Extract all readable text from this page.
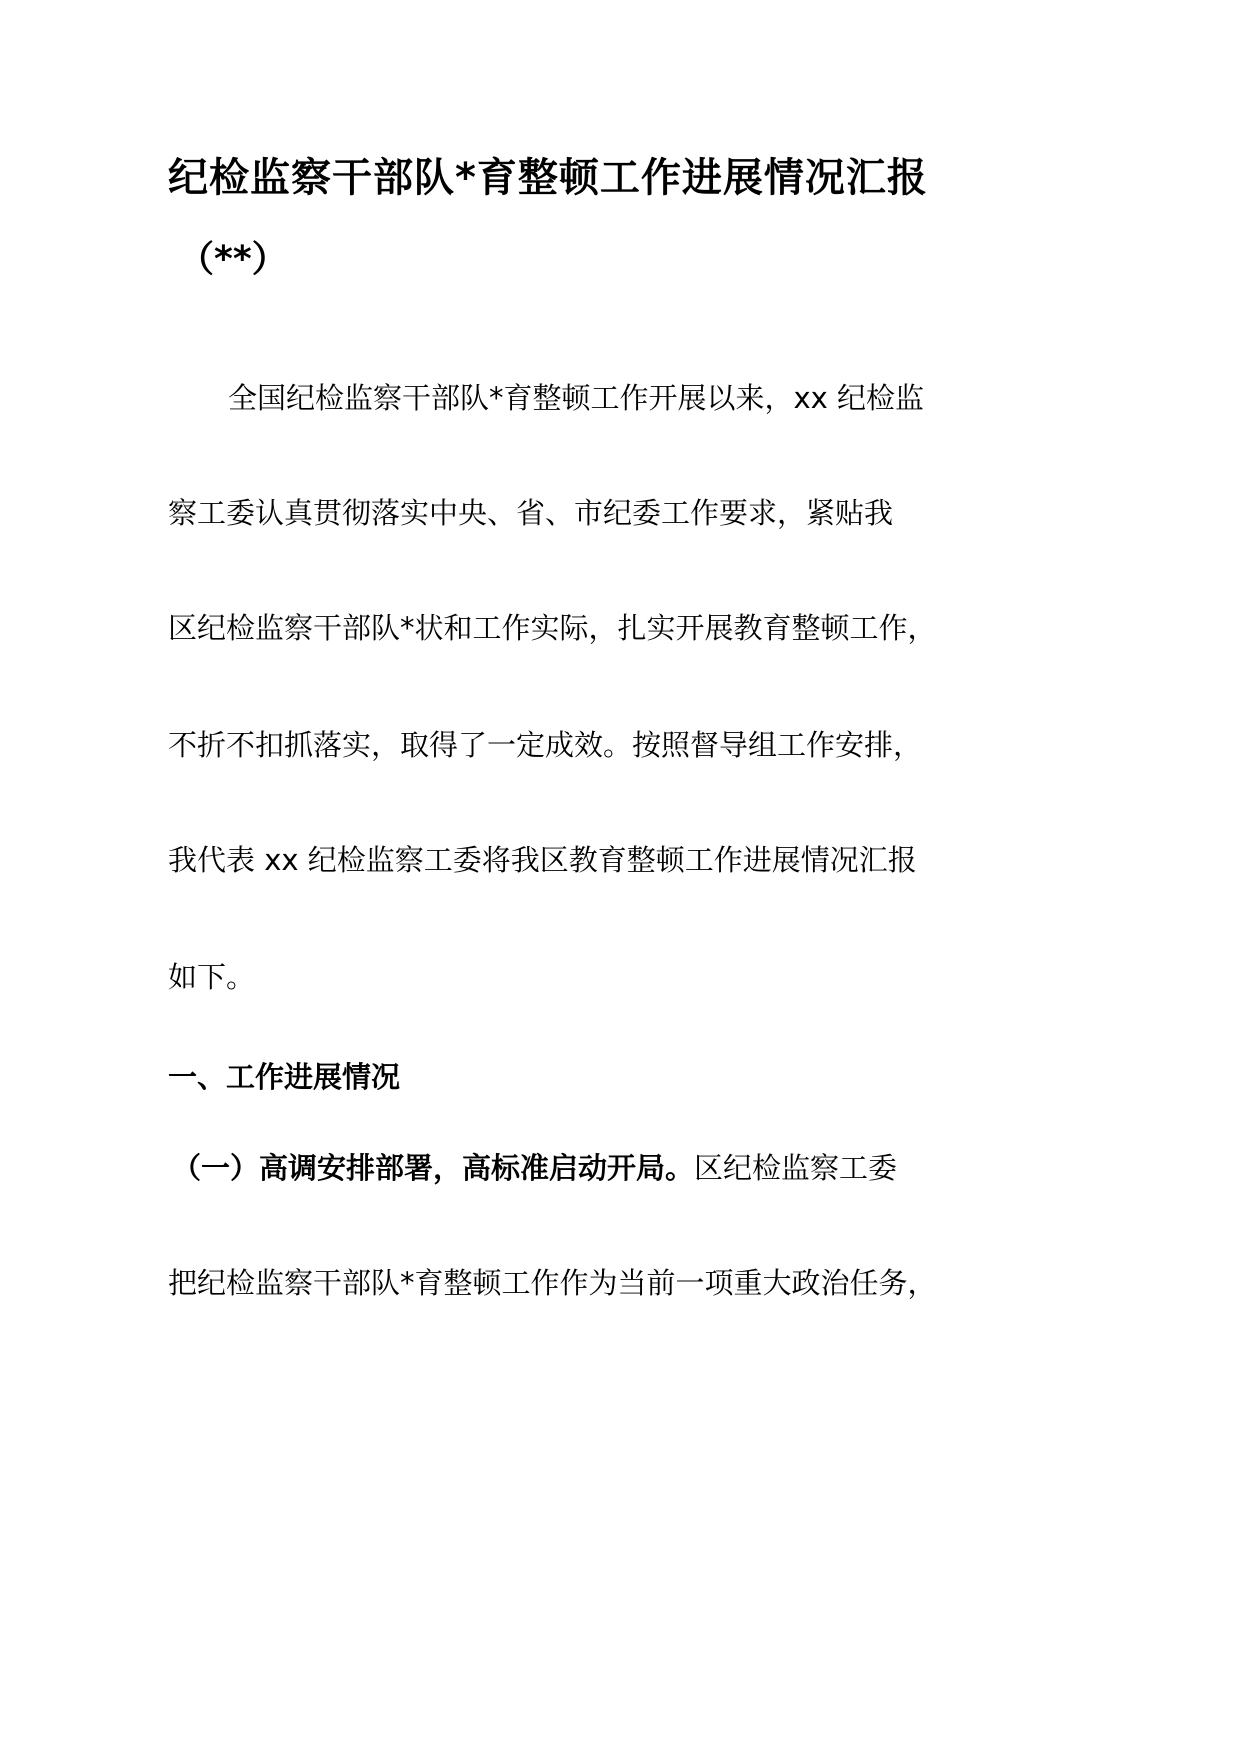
纪检监察干部队*育整顿工作进展情况汇报
（**）
全国纪检监察干部队*育整顿工作开展以来，xx 纪检监
察工委认真贯彻落实中央、省、市纪委工作要求，紧贴我
区纪检监察干部队*状和工作实际，扎实开展教育整顿工作，
不折不扣抓落实，取得了一定成效。按照督导组工作安排，
我代表 xx 纪检监察工委将我区教育整顿工作进展情况汇报
如下。
一、工作进展情况
（一）高调安排部署，高标准启动开局。区纪检监察工委
把纪检监察干部队*育整顿工作作为当前一项重大政治任务，
